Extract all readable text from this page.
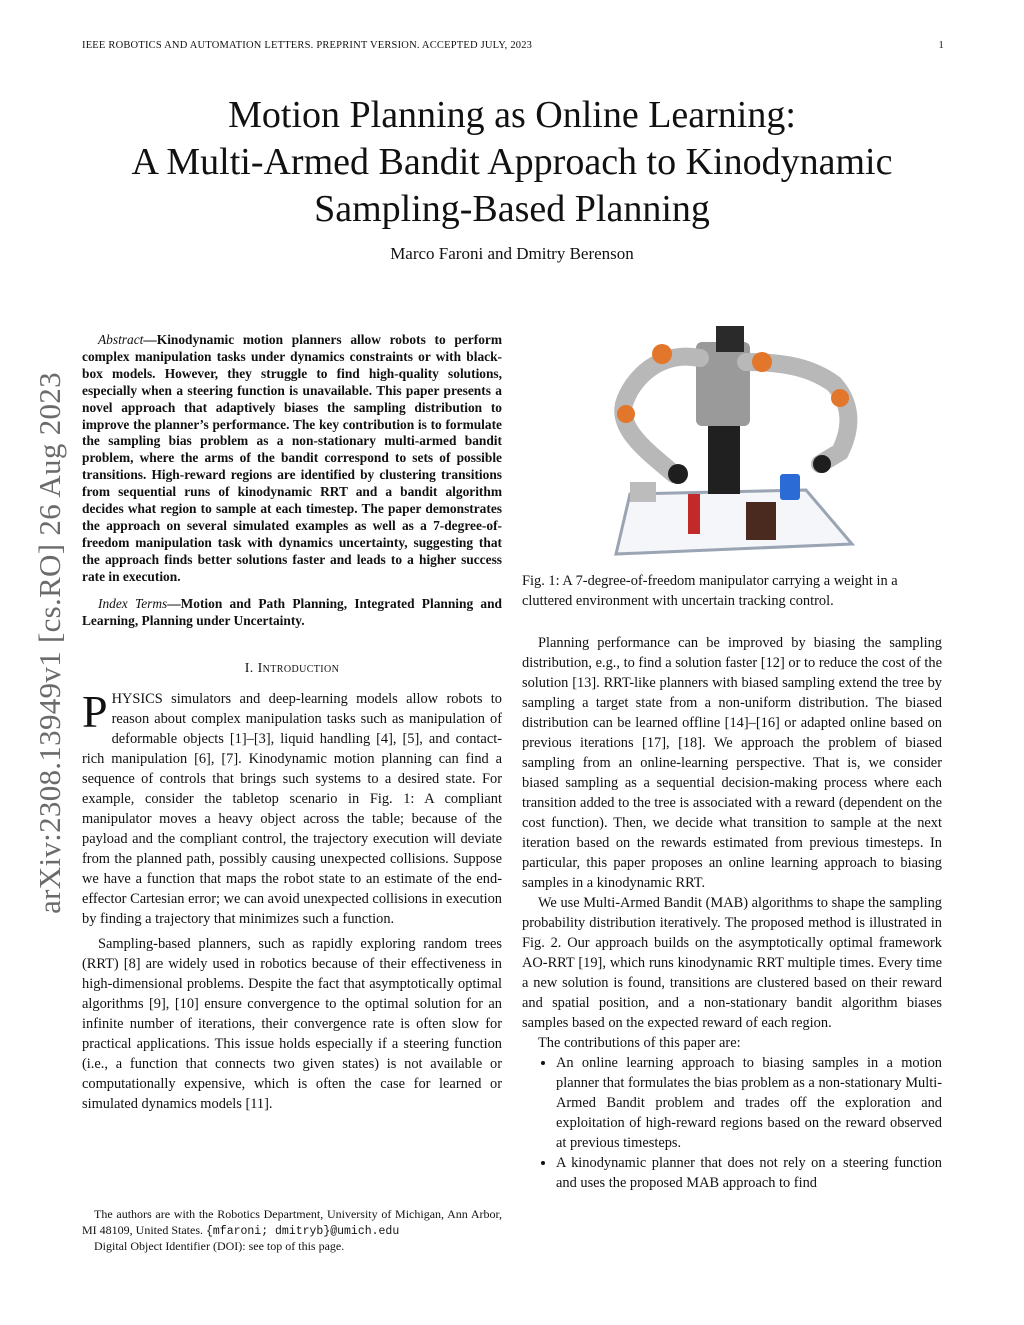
IEEE ROBOTICS AND AUTOMATION LETTERS. PREPRINT VERSION. ACCEPTED JULY, 2023	1
Motion Planning as Online Learning:
A Multi-Armed Bandit Approach to Kinodynamic
Sampling-Based Planning
Marco Faroni and Dmitry Berenson
arXiv:2308.13949v1 [cs.RO] 26 Aug 2023

Abstract—Kinodynamic motion planners allow robots to perform complex manipulation tasks under dynamics constraints or with black-box models. However, they struggle to find high-quality solutions, especially when a steering function is unavailable. This paper presents a novel approach that adaptively biases the sampling distribution to improve the planner’s performance. The key contribution is to formulate the sampling bias problem as a non-stationary multi-armed bandit problem, where the arms of the bandit correspond to sets of possible transitions. High-reward regions are identified by clustering transitions from sequential runs of kinodynamic RRT and a bandit algorithm decides what region to sample at each timestep. The paper demonstrates the approach on several simulated examples as well as a 7-degree-of-freedom manipulation task with dynamics uncertainty, suggesting that the approach finds better solutions faster and leads to a higher success rate in execution.

Index Terms—Motion and Path Planning, Integrated Planning and Learning, Planning under Uncertainty.

I. Introduction

PHYSICS simulators and deep-learning models allow robots to reason about complex manipulation tasks such as manipulation of deformable objects [1]–[3], liquid handling [4], [5], and contact-rich manipulation [6], [7]. Kinodynamic motion planning can find a sequence of controls that brings such systems to a desired state. For example, consider the tabletop scenario in Fig. 1: A compliant manipulator moves a heavy object across the table; because of the payload and the compliant control, the trajectory execution will deviate from the planned path, possibly causing unexpected collisions. Suppose we have a function that maps the robot state to an estimate of the end-effector Cartesian error; we can avoid unexpected collisions in execution by finding a trajectory that minimizes such a function.

Sampling-based planners, such as rapidly exploring random trees (RRT) [8] are widely used in robotics because of their effectiveness in high-dimensional problems. Despite the fact that asymptotically optimal algorithms [9], [10] ensure convergence to the optimal solution for an infinite number of iterations, their convergence rate is often slow for practical applications. This issue holds especially if a steering function (i.e., a function that connects two given states) is not available or computationally expensive, which is often the case for learned or simulated dynamics models [11].

The authors are with the Robotics Department, University of Michigan, Ann Arbor, MI 48109, United States. {mfaroni; dmitryb}@umich.edu
Digital Object Identifier (DOI): see top of this page.
Fig. 1: A 7-degree-of-freedom manipulator carrying a weight in a cluttered environment with uncertain tracking control.

Planning performance can be improved by biasing the sampling distribution, e.g., to find a solution faster [12] or to reduce the cost of the solution [13]. RRT-like planners with biased sampling extend the tree by sampling a target state from a non-uniform distribution. The biased distribution can be learned offline [14]–[16] or adapted online based on previous iterations [17], [18]. We approach the problem of biased sampling from an online-learning perspective. That is, we consider biased sampling as a sequential decision-making process where each transition added to the tree is associated with a reward (dependent on the cost function). Then, we decide what transition to sample at the next iteration based on the rewards estimated from previous timesteps. In particular, this paper proposes an online learning approach to biasing samples in a kinodynamic RRT.

We use Multi-Armed Bandit (MAB) algorithms to shape the sampling probability distribution iteratively. The proposed method is illustrated in Fig. 2. Our approach builds on the asymptotically optimal framework AO-RRT [19], which runs kinodynamic RRT multiple times. Every time a new solution is found, transitions are clustered based on their reward and spatial position, and a non-stationary bandit algorithm biases samples based on the expected reward of each region.

The contributions of this paper are:

• An online learning approach to biasing samples in a motion planner that formulates the bias problem as a non-stationary Multi-Armed Bandit problem and trades off the exploration and exploitation of high-reward regions based on the reward observed at previous timesteps.
• A kinodynamic planner that does not rely on a steering function and uses the proposed MAB approach to find
